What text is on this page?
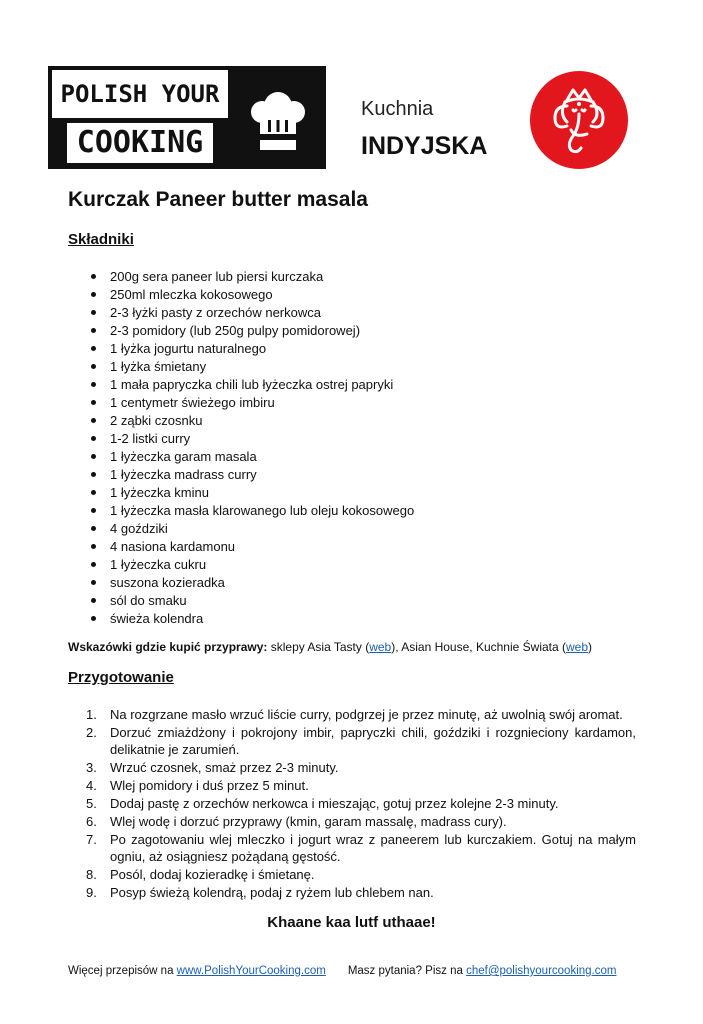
POLISH YOUR
COOKING
Kuchnia
INDYJSKA
Kurczak Paneer butter masala
Składniki
200g sera paneer lub piersi kurczaka
250ml mleczka kokosowego
2-3 łyżki pasty z orzechów nerkowca
2-3 pomidory (lub 250g pulpy pomidorowej)
1 łyżka jogurtu naturalnego
1 łyżka śmietany
1 mała papryczka chili lub łyżeczka ostrej papryki
1 centymetr świeżego imbiru
2 ząbki czosnku
1-2 listki curry
1 łyżeczka garam masala
1 łyżeczka madrass curry
1 łyżeczka kminu
1 łyżeczka masła klarowanego lub oleju kokosowego
4 goździki
4 nasiona kardamonu
1 łyżeczka cukru
suszona kozieradka
sól do smaku
świeża kolendra
Wskazówki gdzie kupić przyprawy: sklepy Asia Tasty (web), Asian House, Kuchnie Świata (web)
Przygotowanie
1. Na rozgrzane masło wrzuć liście curry, podgrzej je przez minutę, aż uwolnią swój aromat.
2. Dorzuć zmiażdżony i pokrojony imbir, papryczki chili, goździki i rozgnieciony kardamon, delikatnie je zarumień.
3. Wrzuć czosnek, smaż przez 2-3 minuty.
4. Wlej pomidory i duś przez 5 minut.
5. Dodaj pastę z orzechów nerkowca i mieszając, gotuj przez kolejne 2-3 minuty.
6. Wlej wodę i dorzuć przyprawy (kmin, garam massalę, madrass cury).
7. Po zagotowaniu wlej mleczko i jogurt wraz z paneerem lub kurczakiem. Gotuj na małym ogniu, aż osiągniesz pożądaną gęstość.
8. Posól, dodaj kozieradkę i śmietanę.
9. Posyp świeżą kolendrą, podaj z ryżem lub chlebem nan.
Khaane kaa lutf uthaae!
Więcej przepisów na www.PolishYourCooking.com Masz pytania? Pisz na chef@polishyourcooking.com
